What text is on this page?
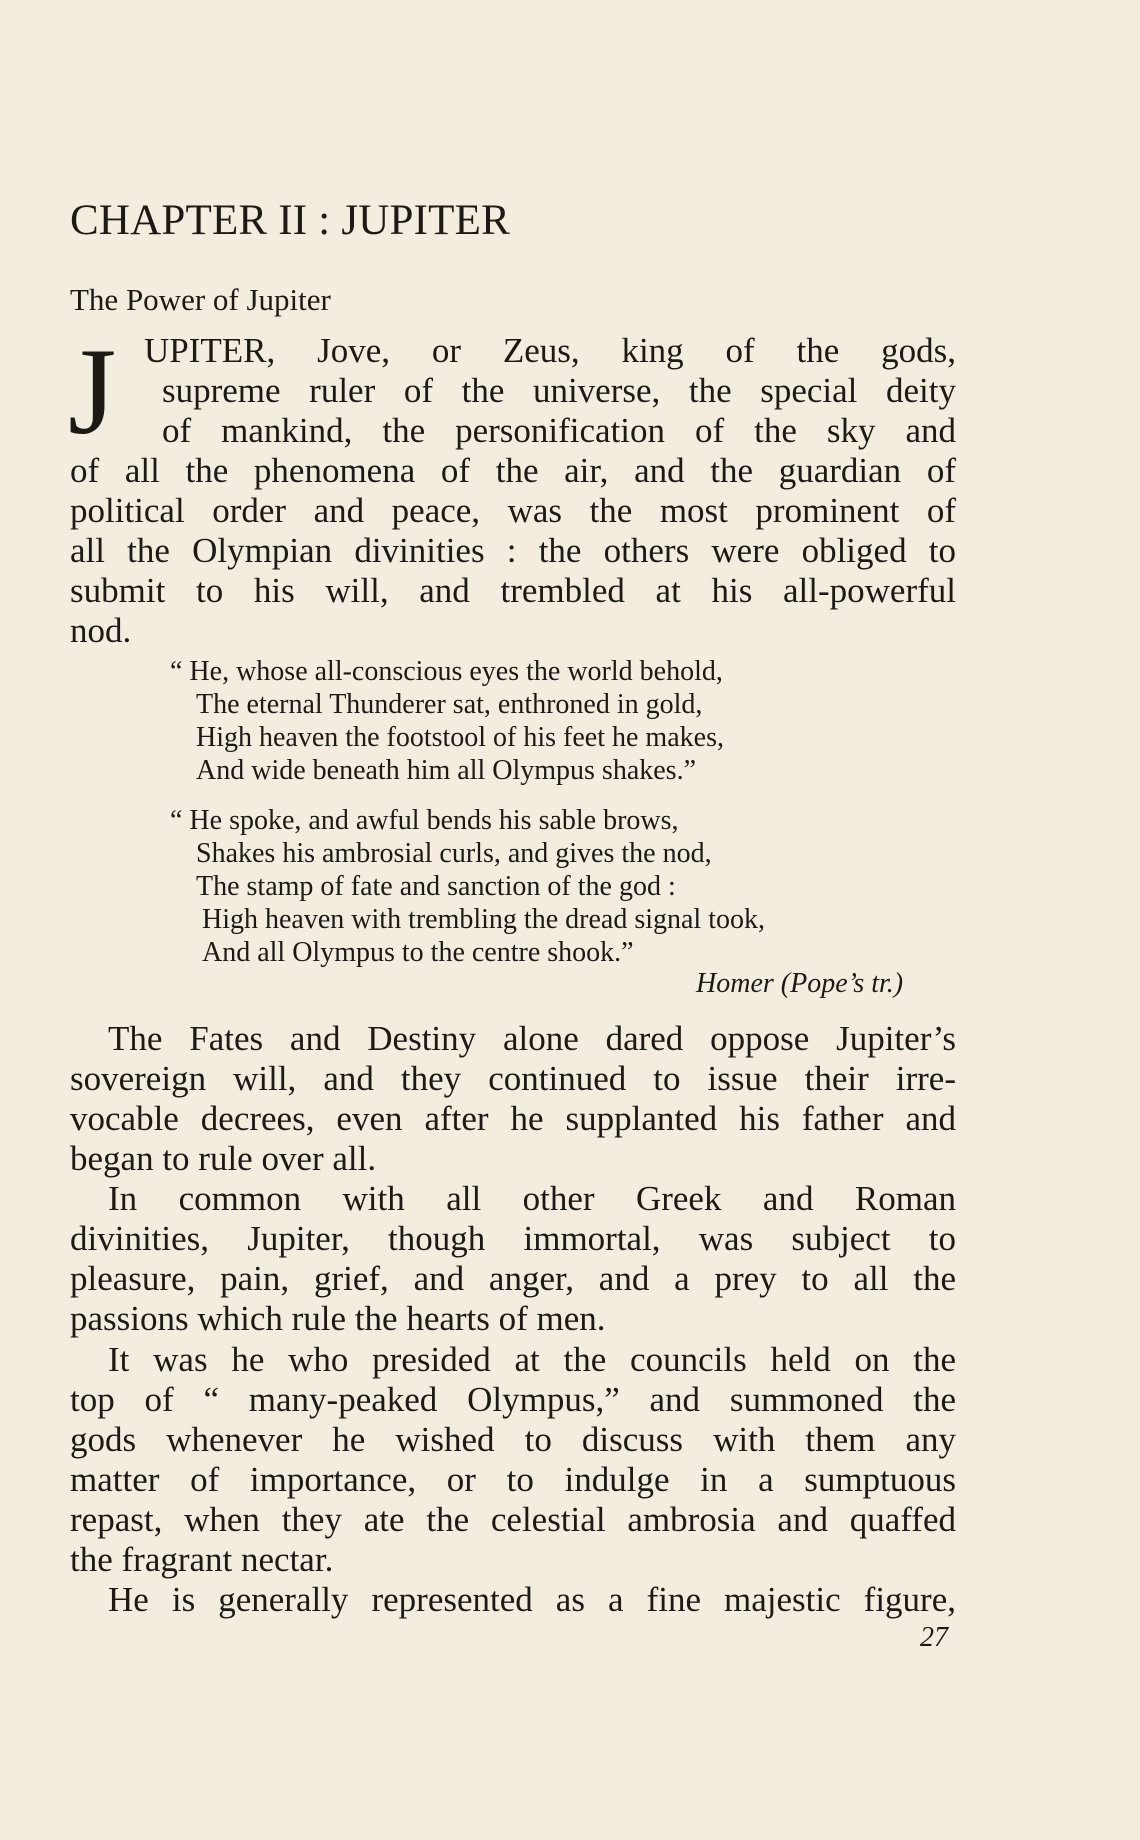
CHAPTER II : JUPITER
The Power of Jupiter
J UPITER, Jove, or Zeus, king of the gods,

supreme ruler of the universe, the special deity

of mankind, the personification of the sky and

of all the phenomena of the air, and the guardian of

political order and peace, was the most prominent of

all the Olympian divinities : the others were obliged to

submit to his will, and trembled at his all-powerful

nod.

“ He, whose all-conscious eyes the world behold,

The eternal Thunderer sat, enthroned in gold,

High heaven the footstool of his feet he makes,

And wide beneath him all Olympus shakes.”

“ He spoke, and awful bends his sable brows,

Shakes his ambrosial curls, and gives the nod,

The stamp of fate and sanction of the god :

High heaven with trembling the dread signal took,

And all Olympus to the centre shook.”

Homer (Pope’s tr.)

The Fates and Destiny alone dared oppose Jupiter’s

sovereign will, and they continued to issue their irre-

vocable decrees, even after he supplanted his father and

began to rule over all.

In common with all other Greek and Roman

divinities, Jupiter, though immortal, was subject to

pleasure, pain, grief, and anger, and a prey to all the

passions which rule the hearts of men.

It was he who presided at the councils held on the

top of “ many-peaked Olympus,” and summoned the

gods whenever he wished to discuss with them any

matter of importance, or to indulge in a sumptuous

repast, when they ate the celestial ambrosia and quaffed

the fragrant nectar.

He is generally represented as a fine majestic figure,

27
